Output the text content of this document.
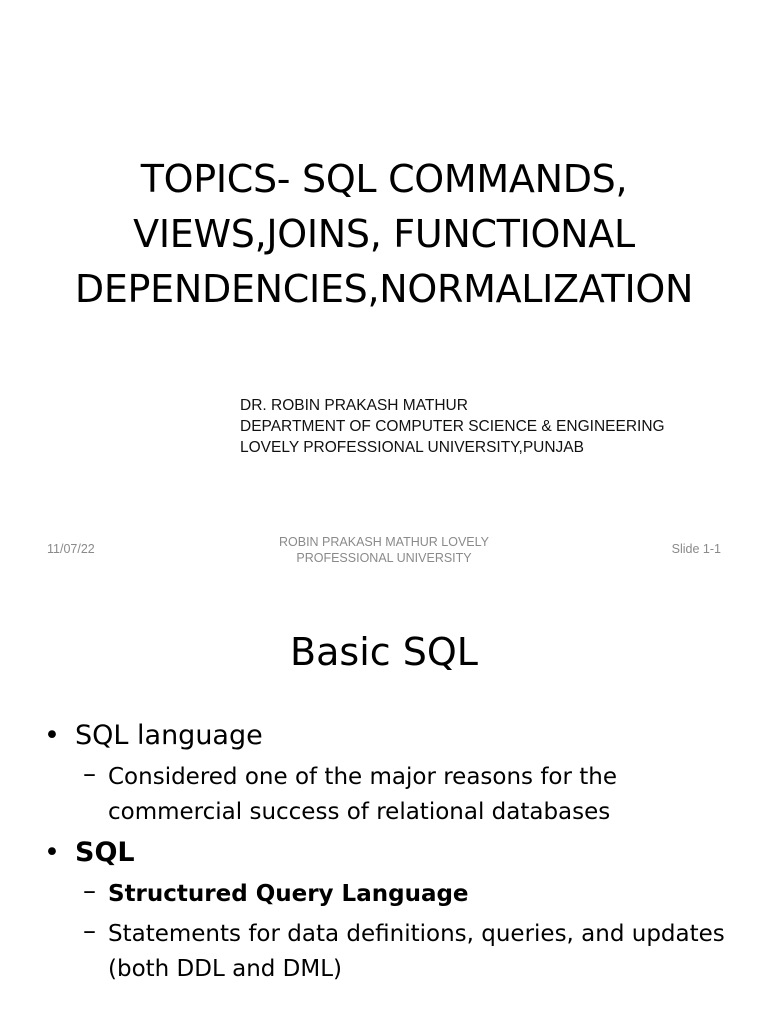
TOPICS- SQL COMMANDS,
VIEWS,JOINS, FUNCTIONAL
DEPENDENCIES,NORMALIZATION
DR. ROBIN PRAKASH MATHUR
DEPARTMENT OF COMPUTER SCIENCE & ENGINEERING
LOVELY PROFESSIONAL UNIVERSITY,PUNJAB
11/07/22	ROBIN PRAKASH MATHUR LOVELY
PROFESSIONAL UNIVERSITY
Slide 1-1
Basic SQL
• SQL language
– Considered one of the major reasons for the commercial success of relational databases
• SQL
– Structured Query Language
– Statements for data definitions, queries, and updates (both DDL and DML)
